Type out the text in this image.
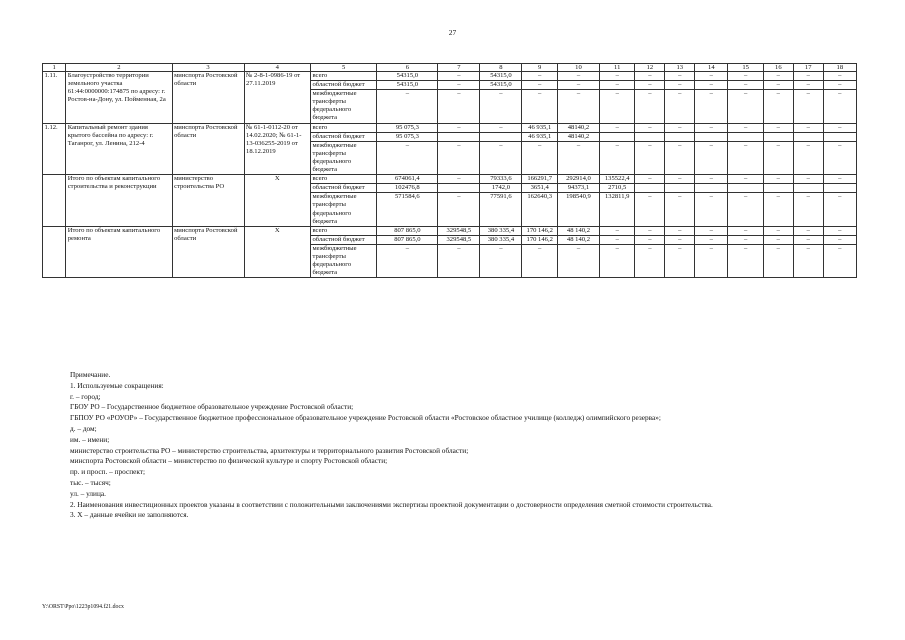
27
1	2	3	4	5	6	7	8	9	10	11	12	13	14	15	16	17	18
1.11.	Благоустройство территории земельного участка 61:44:0000000:174875 по адресу: г. Ростов-на-Дону, ул. Пойменная, 2а	минспорта Ростовской области	№ 2-8-1-0986-19 от 27.11.2019	всего	54315,0	–	54315,0	–	–	–	–	–	–	–	–	–	–
				областной бюджет	54315,0	–	54315,0	–	–	–	–	–	–	–	–	–	–
				межбюджетные трансферты федерального бюджета	–	–	–	–	–	–	–	–	–	–	–	–	–
1.12.	Капитальный ремонт здания крытого бассейна по адресу: г. Таганрог, ул. Ленина, 212-4	минспорта Ростовской области	№ 61-1-0112-20 от 14.02.2020; № 61-1-13-036255-2019 от 18.12.2019	всего	95 075,3	–	–	46 935,1	48140,2	–	–	–	–	–	–	–	–
				областной бюджет	95 075,3			46 935,1	48140,2								
				межбюджетные трансферты федерального бюджета	–	–	–	–	–	–	–	–	–	–	–	–	–
	Итого по объектам капитального строительства и реконструкции	министерство строительства РО	Х	всего	674061,4	–	79333,6	166291,7	292914,0	135522,4	–	–	–	–	–	–	–
				областной бюджет	102476,8		1742,0	3651,4	94373,1	2710,5							
				межбюджетные трансферты федерального бюджета	571584,6	–	77591,6	162640,3	198540,9	132811,9	–	–	–	–	–	–	–
	Итого по объектам капитального ремонта	минспорта Ростовской области	Х	всего	807 865,0	329548,5	380 335,4	170 146,2	48 140,2	–	–	–	–	–	–	–	–
				областной бюджет	807 865,0	329548,5	380 335,4	170 146,2	48 140,2	–	–	–	–	–	–	–	–
				межбюджетные трансферты федерального бюджета	–	–	–	–	–	–	–	–	–	–	–	–	–

Примечание.

1. Используемые сокращения:

г. – город;

ГБОУ РО – Государственное бюджетное образовательное учреждение Ростовской области;

ГБПОУ РО «РОУОР» – Государственное бюджетное профессиональное образовательное учреждение Ростовской области «Ростовское областное училище (колледж) олимпийского резерва»;

д. – дом;

им. – имени;

министерство строительства РО – министерство строительства, архитектуры и территориального развития Ростовской области;

минспорта Ростовской области – министерство по физической культуре и спорту Ростовской области;

пр. и просп. – проспект;

тыс. – тысяч;

ул. – улица.

2. Наименования инвестиционных проектов указаны в соответствии с положительными заключениями экспертизы проектной документации о достоверности определения сметной стоимости строительства.

3. Х – данные ячейки не заполняются.

Y:\ORST\Ppo\1223p1094.f21.docx
